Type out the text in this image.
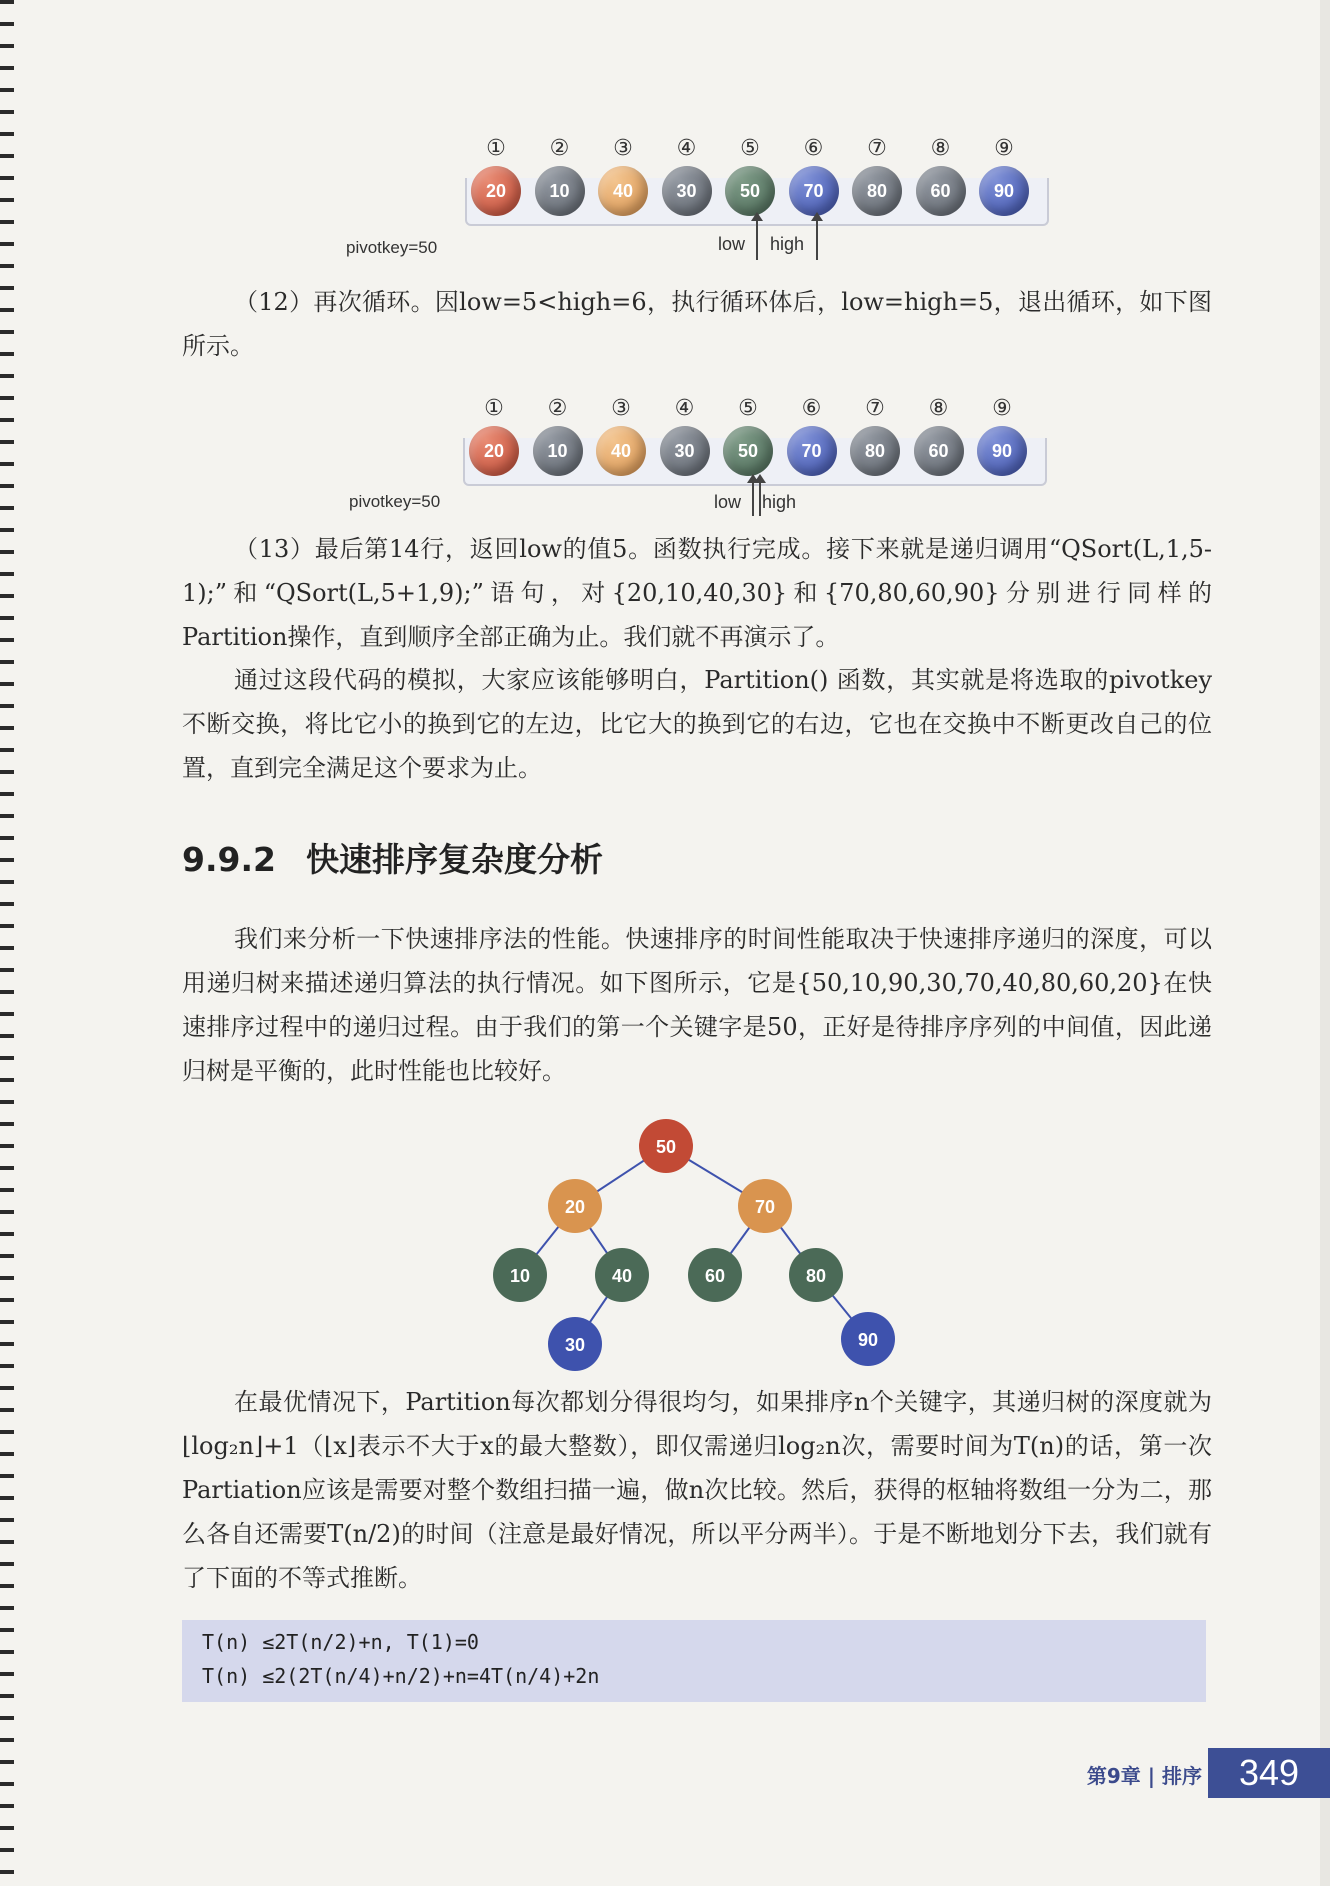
①	②	③	④	⑤	⑥	⑦	⑧	⑨
20	10	40	30	50	70	80	60	90
pivotkey=50	low high
（12）再次循环。因low=5<high=6，执行循环体后，low=high=5，退出循环，如下图所示。
①	②	③	④	⑤	⑥	⑦	⑧	⑨
20	10	40	30	50	70	80	60	90
pivotkey=50	low high
（13）最后第14行，返回low的值5。函数执行完成。接下来就是递归调用“QSort(L,1,5-1);”和“QSort(L,5+1,9);”语句，对{20,10,40,30}和{70,80,60,90}分别进行同样的Partition操作，直到顺序全部正确为止。我们就不再演示了。
通过这段代码的模拟，大家应该能够明白，Partition() 函数，其实就是将选取的pivotkey不断交换，将比它小的换到它的左边，比它大的换到它的右边，它也在交换中不断更改自己的位置，直到完全满足这个要求为止。
9.9.2 快速排序复杂度分析
我们来分析一下快速排序法的性能。快速排序的时间性能取决于快速排序递归的深度，可以用递归树来描述递归算法的执行情况。如下图所示，它是{50,10,90,30,70,40,80,60,20}在快速排序过程中的递归过程。由于我们的第一个关键字是50，正好是待排序序列的中间值，因此递归树是平衡的，此时性能也比较好。
50
20	70
10	40	60	80
30	90
在最优情况下，Partition每次都划分得很均匀，如果排序n个关键字，其递归树的深度就为⌊log₂n⌋+1（⌊x⌋表示不大于x的最大整数），即仅需递归log₂n次，需要时间为T(n)的话，第一次Partiation应该是需要对整个数组扫描一遍，做n次比较。然后，获得的枢轴将数组一分为二，那么各自还需要T(n/2)的时间（注意是最好情况，所以平分两半）。于是不断地划分下去，我们就有了下面的不等式推断。
T(n) ≤2T(n/2)+n, T(1)=0
T(n) ≤2(2T(n/4)+n/2)+n=4T(n/4)+2n
第9章 | 排序	349
